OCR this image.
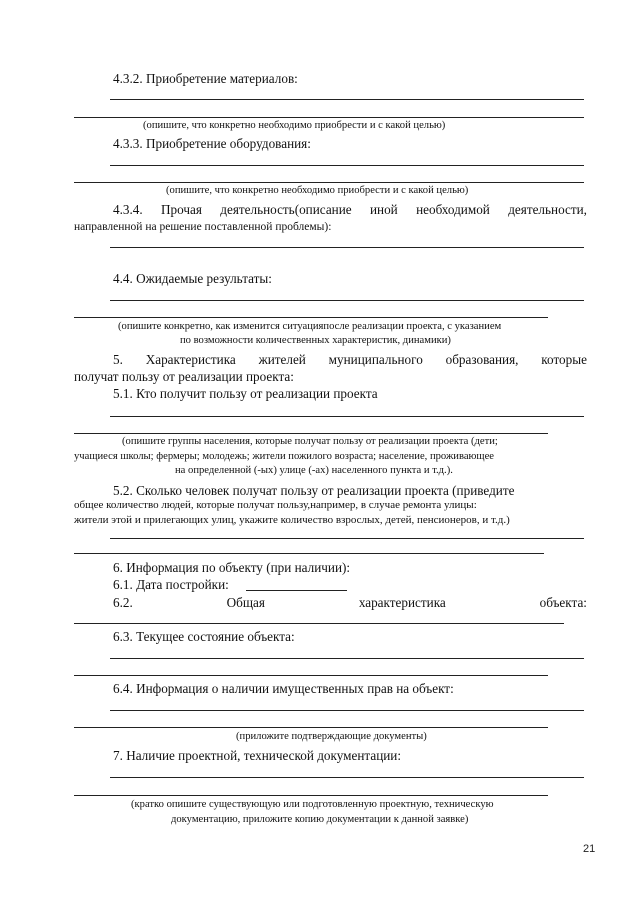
4.3.2. Приобретение материалов:
(опишите, что конкретно необходимо приобрести и с какой целью)
4.3.3. Приобретение оборудования:
(опишите, что конкретно необходимо приобрести и с какой целью)
4.3.4. Прочая деятельность(описание иной необходимой деятельности,
направленной на решение поставленной проблемы):
4.4. Ожидаемые результаты:
(опишите конкретно, как изменится ситуацияпосле реализации проекта, с указанием
по возможности количественных характеристик, динамики)
5. Характеристика жителей муниципального образования, которые
получат пользу от реализации проекта:
5.1. Кто получит пользу от реализации проекта
(опишите группы населения, которые получат пользу от реализации проекта (дети;
учащиеся школы; фермеры; молодежь; жители пожилого возраста; население, проживающее
на определенной (-ых) улице (-ах) населенного пункта и т.д.).
5.2. Сколько человек получат пользу от реализации проекта (приведите
общее количество людей, которые получат пользу,например, в случае ремонта улицы:
жители этой и прилегающих улиц, укажите количество взрослых, детей, пенсионеров, и т.д.)
6. Информация по объекту (при наличии):
6.1. Дата постройки:
6.2.	Общая	характеристика	объекта:
6.3. Текущее состояние объекта:
6.4. Информация о наличии имущественных прав на объект:
(приложите подтверждающие документы)
7. Наличие проектной, технической документации:
(кратко опишите существующую или подготовленную проектную, техническую
документацию, приложите копию документации к данной заявке)
21
